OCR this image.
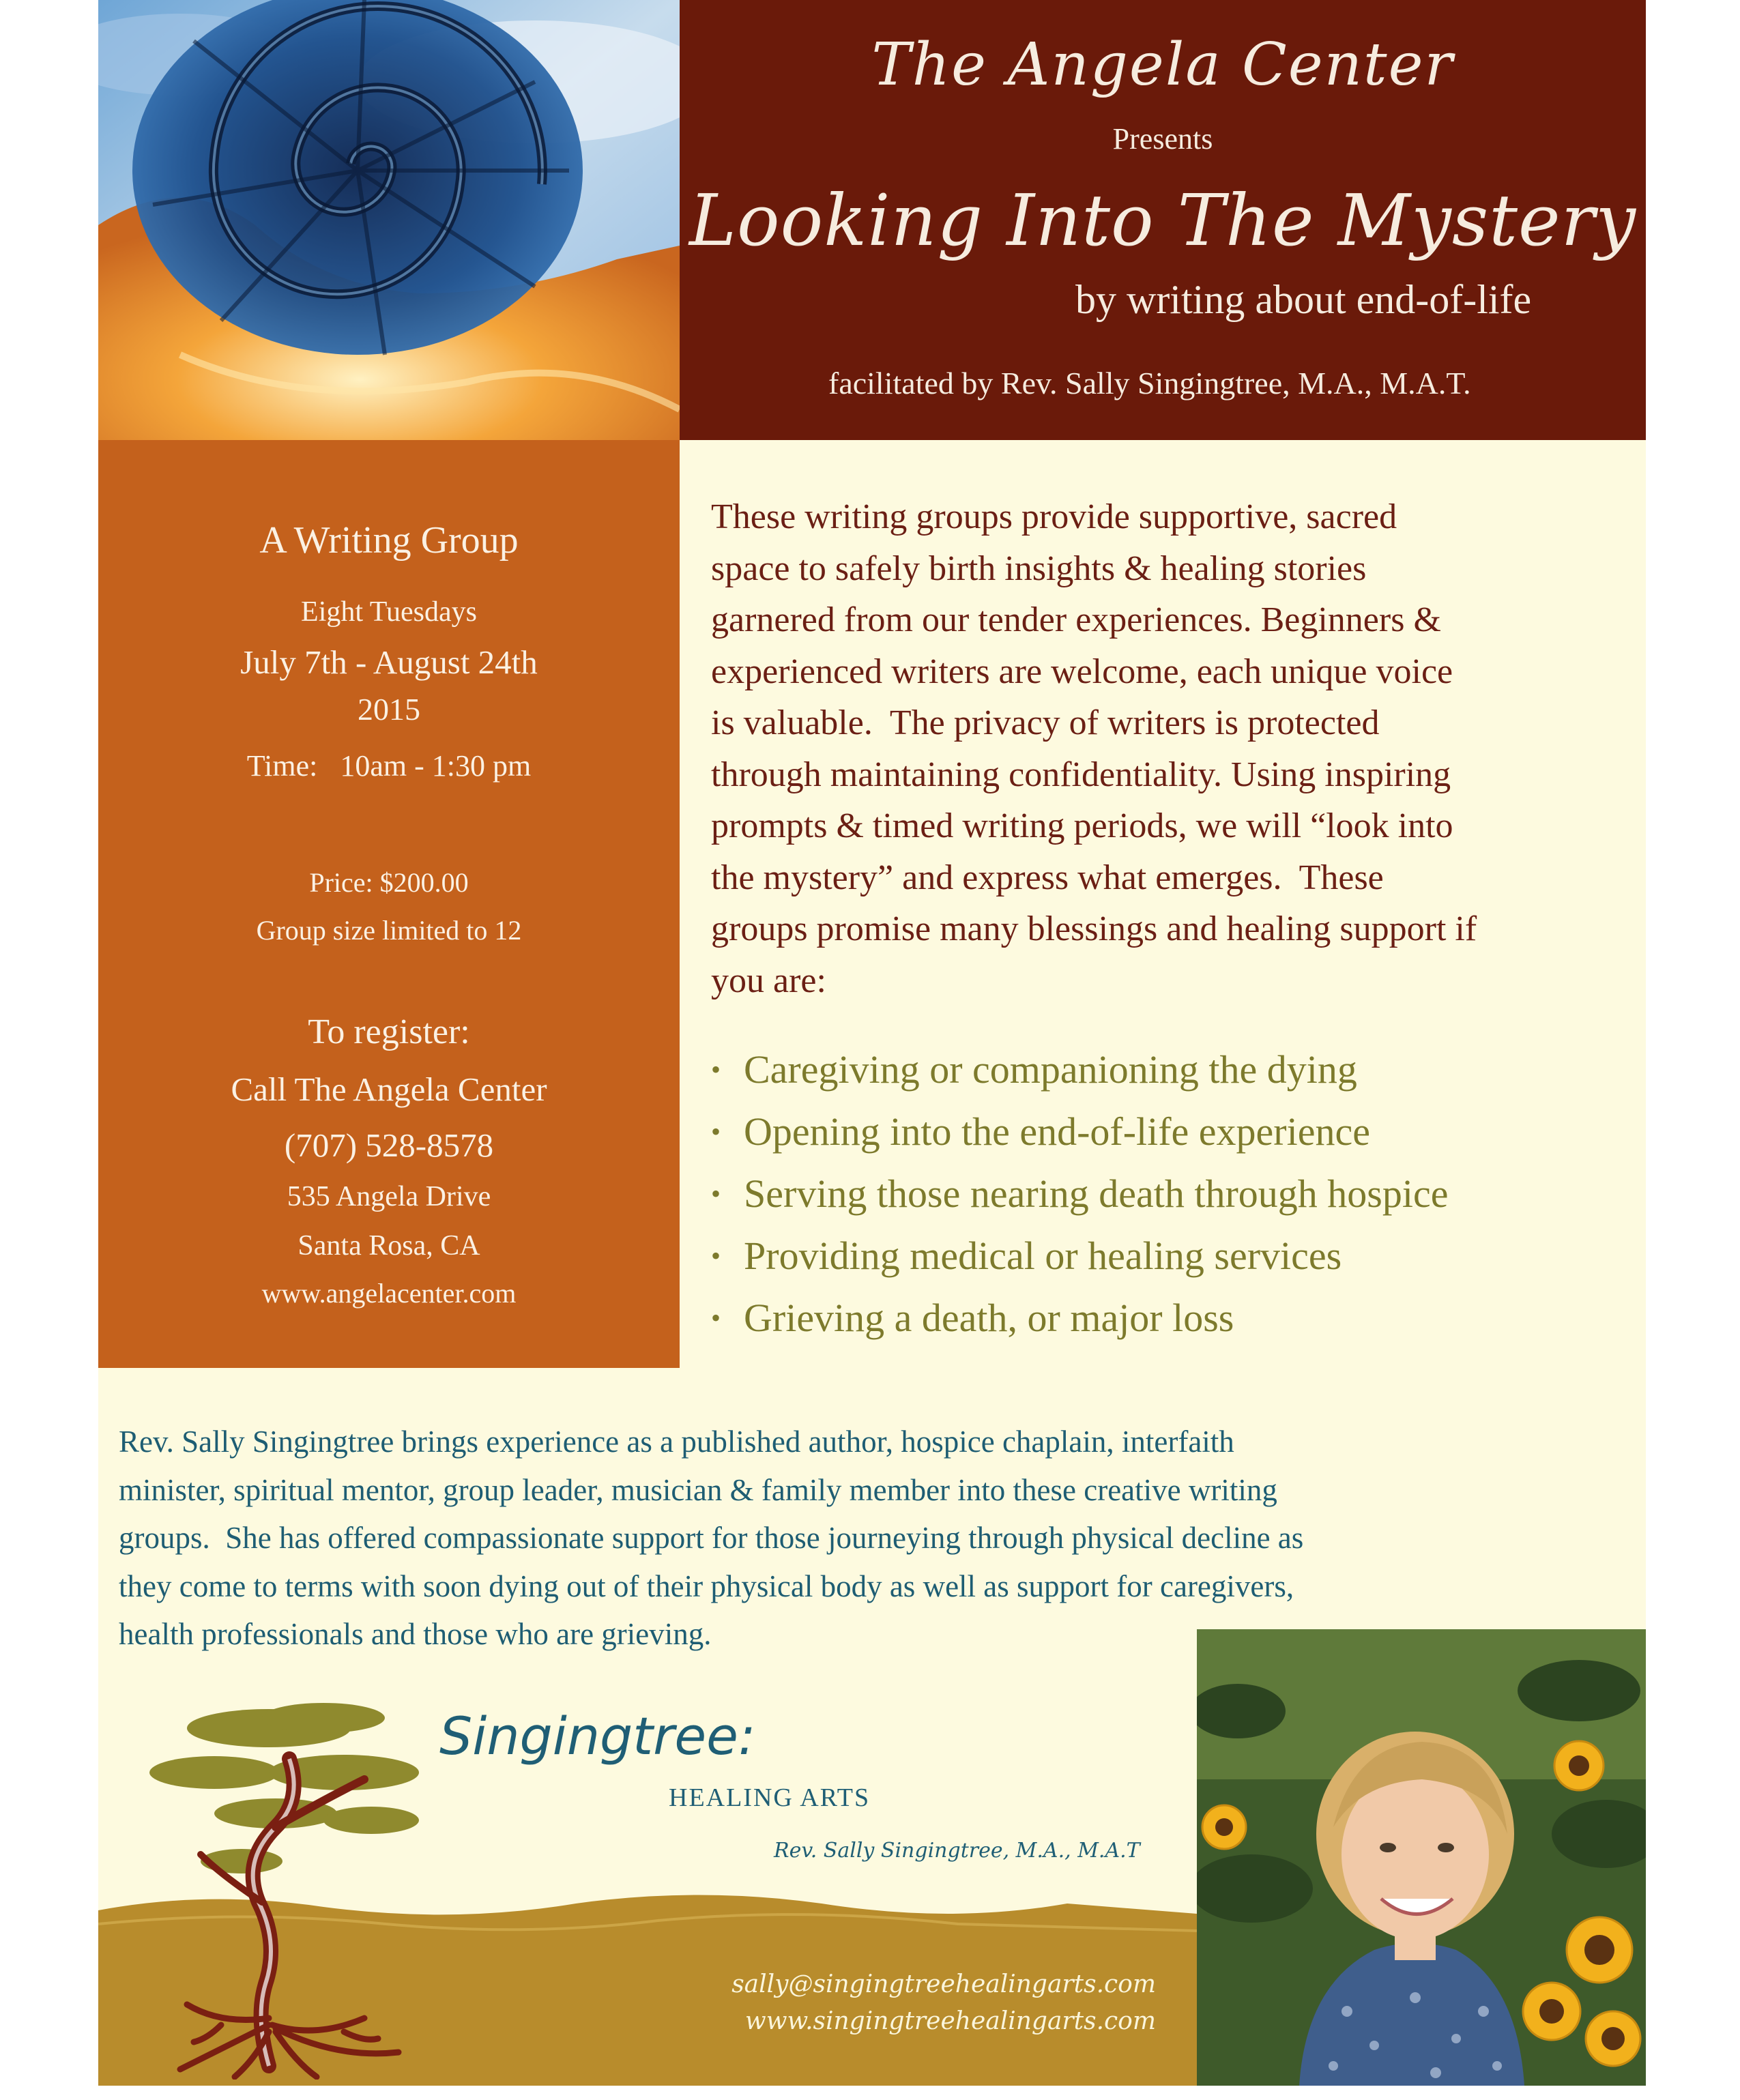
The Angela Center
Presents
Looking Into The Mystery
by writing about end-of-life
facilitated by Rev. Sally Singingtree, M.A., M.A.T.
A Writing Group
Eight Tuesdays
July 7th - August 24th
2015
Time:   10am - 1:30 pm
Price: $200.00
Group size limited to 12
To register:
Call The Angela Center
(707) 528-8578
535 Angela Drive
Santa Rosa, CA
www.angelacenter.com
These writing groups provide supportive, sacred
space to safely birth insights & healing stories
garnered from our tender experiences. Beginners &
experienced writers are welcome, each unique voice
is valuable.  The privacy of writers is protected
through maintaining confidentiality. Using inspiring
prompts & timed writing periods, we will “look into
the mystery” and express what emerges.  These
groups promise many blessings and healing support if
you are:
• Caregiving or companioning the dying
• Opening into the end-of-life experience
• Serving those nearing death through hospice
• Providing medical or healing services
• Grieving a death, or major loss
Rev. Sally Singingtree brings experience as a published author, hospice chaplain, interfaith
minister, spiritual mentor, group leader, musician & family member into these creative writing
groups.  She has offered compassionate support for those journeying through physical decline as
they come to terms with soon dying out of their physical body as well as support for caregivers,
health professionals and those who are grieving.
Singingtree:
HEALING ARTS
Rev. Sally Singingtree, M.A., M.A.T
sally@singingtreehealingarts.com
www.singingtreehealingarts.com
